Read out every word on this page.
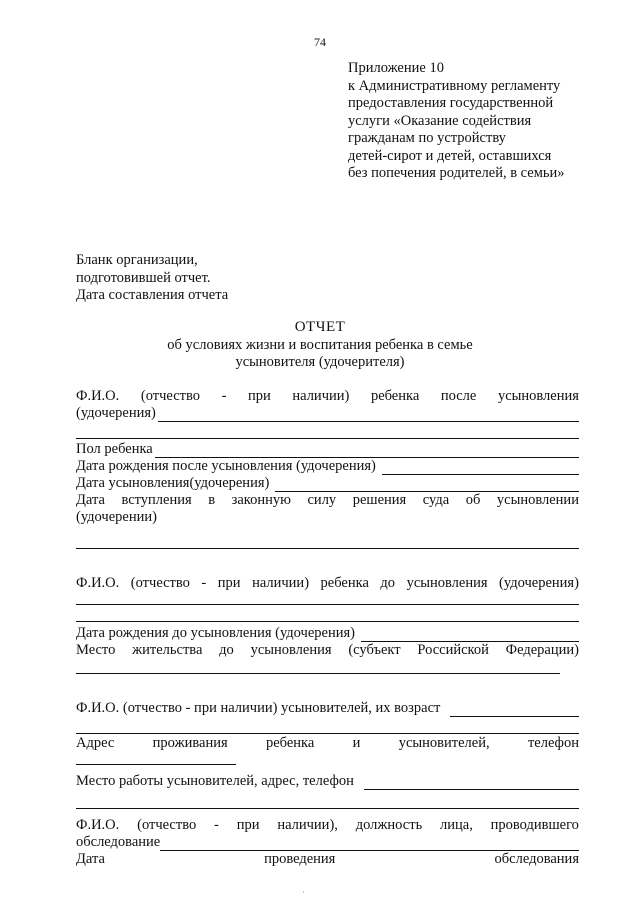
74
Приложение 10
к Административному регламенту
предоставления государственной
услуги «Оказание содействия
гражданам по устройству
детей-сирот и детей, оставшихся
без попечения родителей, в семьи»
Бланк организации,
подготовившей отчет.
Дата составления отчета
ОТЧЕТ
об условиях жизни и воспитания ребенка в семье
усыновителя (удочерителя)
Ф.И.О. (отчество - при наличии) ребенка после усыновления
(удочерения)
Пол ребенка
Дата рождения после усыновления (удочерения)
Дата усыновления(удочерения)
Дата вступления в законную силу решения суда об усыновлении
(удочерении)
Ф.И.О. (отчество - при наличии) ребенка до усыновления (удочерения)
Дата рождения до усыновления (удочерения)
Место жительства до усыновления (субъект Российской Федерации)
Ф.И.О. (отчество - при наличии) усыновителей, их возраст
Адрес	проживания	ребенка	и	усыновителей,	телефон
Место работы усыновителей, адрес, телефон
Ф.И.О. (отчество - при наличии), должность лица, проводившего
обследование
Дата	проведения	обследования
·
